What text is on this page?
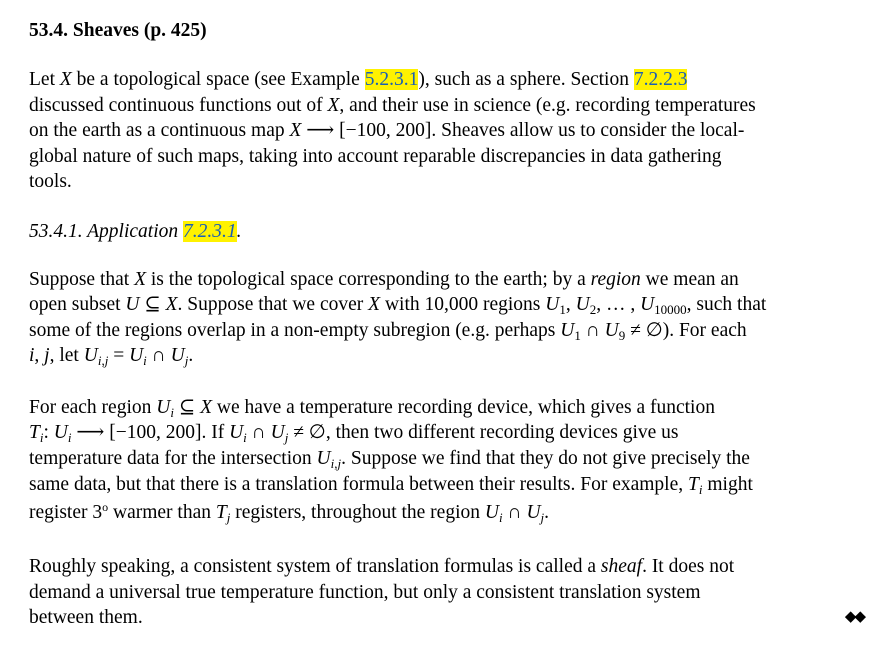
53.4. Sheaves (p. 425)

Let X be a topological space (see Example 5.2.3.1), such as a sphere. Section 7.2.2.3
discussed continuous functions out of X, and their use in science (e.g. recording temperatures
on the earth as a continuous map X ⟶ [−100, 200]. Sheaves allow us to consider the local-
global nature of such maps, taking into account reparable discrepancies in data gathering
tools.

53.4.1. Application 7.2.3.1.

Suppose that X is the topological space corresponding to the earth; by a region we mean an
open subset U ⊆ X. Suppose that we cover X with 10,000 regions $U_1$, $U_2$, … , $U_{10000}$, such that
some of the regions overlap in a non-empty subregion (e.g. perhaps $U_1$ ∩ $U_9$ ≠ ∅). For each
i, j, let $U_{i,j} = U_i$ ∩ $U_j$.

For each region $U_i$ ⊆ X we have a temperature recording device, which gives a function
$T_i$: $U_i$ ⟶ [−100, 200]. If $U_i$ ∩ $U_j$ ≠ ∅, then two different recording devices give us
temperature data for the intersection $U_{i,j}$. Suppose we find that they do not give precisely the
same data, but that there is a translation formula between their results. For example, $T_i$ might
register 3$^o$ warmer than $T_j$ registers, throughout the region $U_i$ ∩ $U_j$.

Roughly speaking, a consistent system of translation formulas is called a sheaf. It does not
demand a universal true temperature function, but only a consistent translation system
between them.	◆◆
